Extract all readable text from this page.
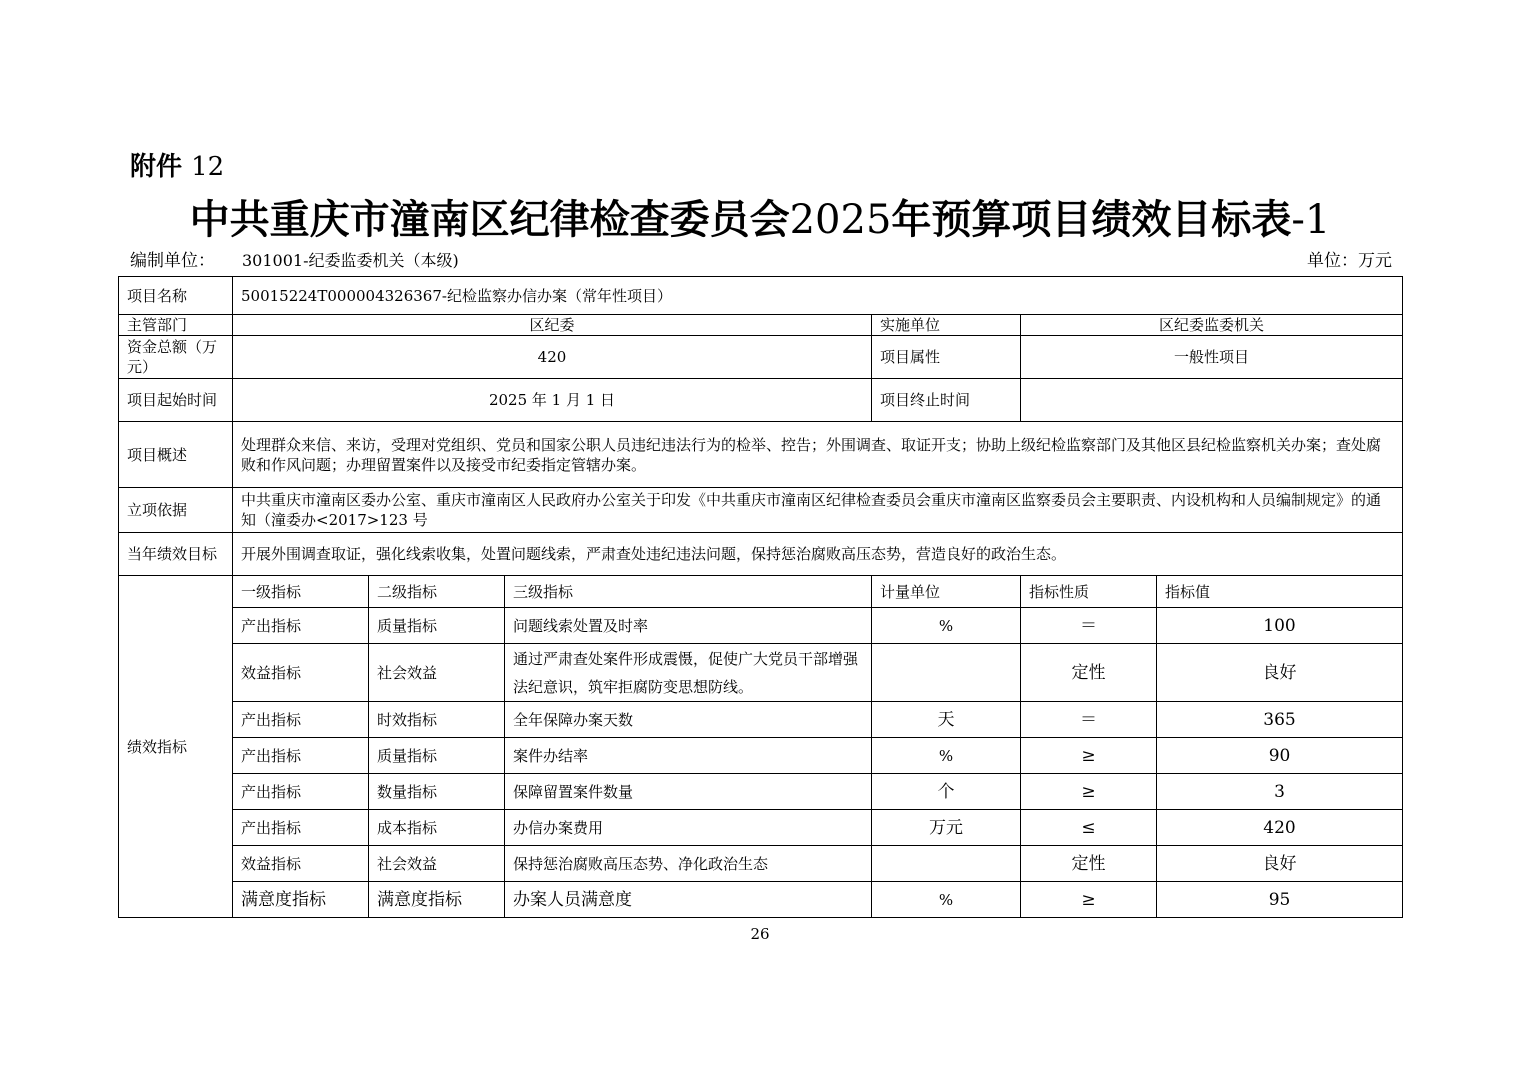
附件 12
中共重庆市潼南区纪律检查委员会2025年预算项目绩效目标表-1
编制单位： 301001-纪委监委机关（本级)	单位：万元
项目名称	50015224T000004326367-纪检监察办信办案（常年性项目）					
主管部门	区纪委			实施单位	区纪委监委机关	
资金总额（万元）	420			项目属性	一般性项目	
项目起始时间	2025 年 1 月 1 日			项目终止时间		
项目概述	处理群众来信、来访，受理对党组织、党员和国家公职人员违纪违法行为的检举、控告；外围调查、取证开支；协助上级纪检监察部门及其他区县纪检监察机关办案；查处腐败和作风问题；办理留置案件以及接受市纪委指定管辖办案。					
立项依据	中共重庆市潼南区委办公室、重庆市潼南区人民政府办公室关于印发《中共重庆市潼南区纪律检查委员会重庆市潼南区监察委员会主要职责、内设机构和人员编制规定》的通知（潼委办<2017>123 号					
当年绩效目标	开展外围调查取证，强化线索收集，处置问题线索，严肃查处违纪违法问题，保持惩治腐败高压态势，营造良好的政治生态。					
绩效指标	一级指标	二级指标	三级指标	计量单位	指标性质	指标值
	产出指标	质量指标	问题线索处置及时率	%	＝	100
	效益指标	社会效益	通过严肃查处案件形成震慑，促使广大党员干部增强法纪意识，筑牢拒腐防变思想防线。		定性	良好
	产出指标	时效指标	全年保障办案天数	天	＝	365
	产出指标	质量指标	案件办结率	%	≥	90
	产出指标	数量指标	保障留置案件数量	个	≥	3
	产出指标	成本指标	办信办案费用	万元	≤	420
	效益指标	社会效益	保持惩治腐败高压态势、净化政治生态		定性	良好
	满意度指标	满意度指标	办案人员满意度	%	≥	95
26
